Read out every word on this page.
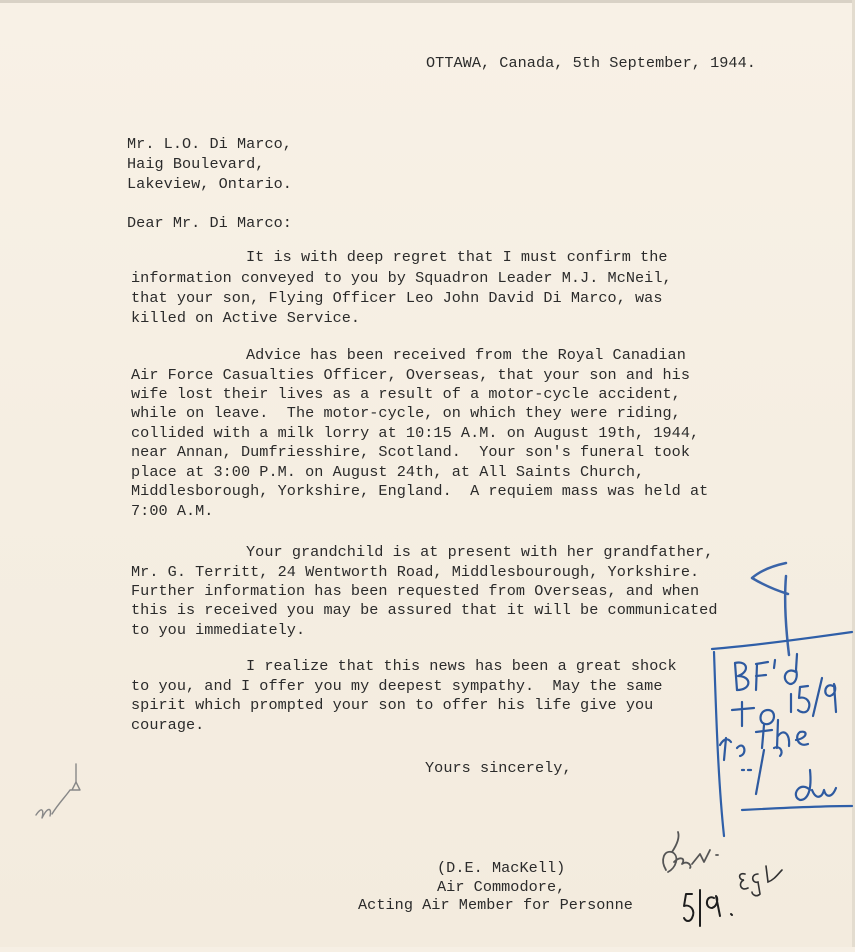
OTTAWA, Canada, 5th September, 1944.
Mr. L.O. Di Marco,
Haig Boulevard,
Lakeview, Ontario.
Dear Mr. Di Marco:
It is with deep regret that I must confirm the
information conveyed to you by Squadron Leader M.J. McNeil,
that your son, Flying Officer Leo John David Di Marco, was
killed on Active Service.
Advice has been received from the Royal Canadian
Air Force Casualties Officer, Overseas, that your son and his
wife lost their lives as a result of a motor-cycle accident,
while on leave.  The motor-cycle, on which they were riding,
collided with a milk lorry at 10:15 A.M. on August 19th, 1944,
near Annan, Dumfriesshire, Scotland.  Your son's funeral took
place at 3:00 P.M. on August 24th, at All Saints Church,
Middlesborough, Yorkshire, England.  A requiem mass was held at
7:00 A.M.
Your grandchild is at present with her grandfather,
Mr. G. Territt, 24 Wentworth Road, Middlesbourough, Yorkshire.
Further information has been requested from Overseas, and when
this is received you may be assured that it will be communicated
to you immediately.
I realize that this news has been a great shock
to you, and I offer you my deepest sympathy.  May the same
spirit which prompted your son to offer his life give you
courage.
Yours sincerely,
(D.E. MacKell)
Air Commodore,
Acting Air Member for Personne
